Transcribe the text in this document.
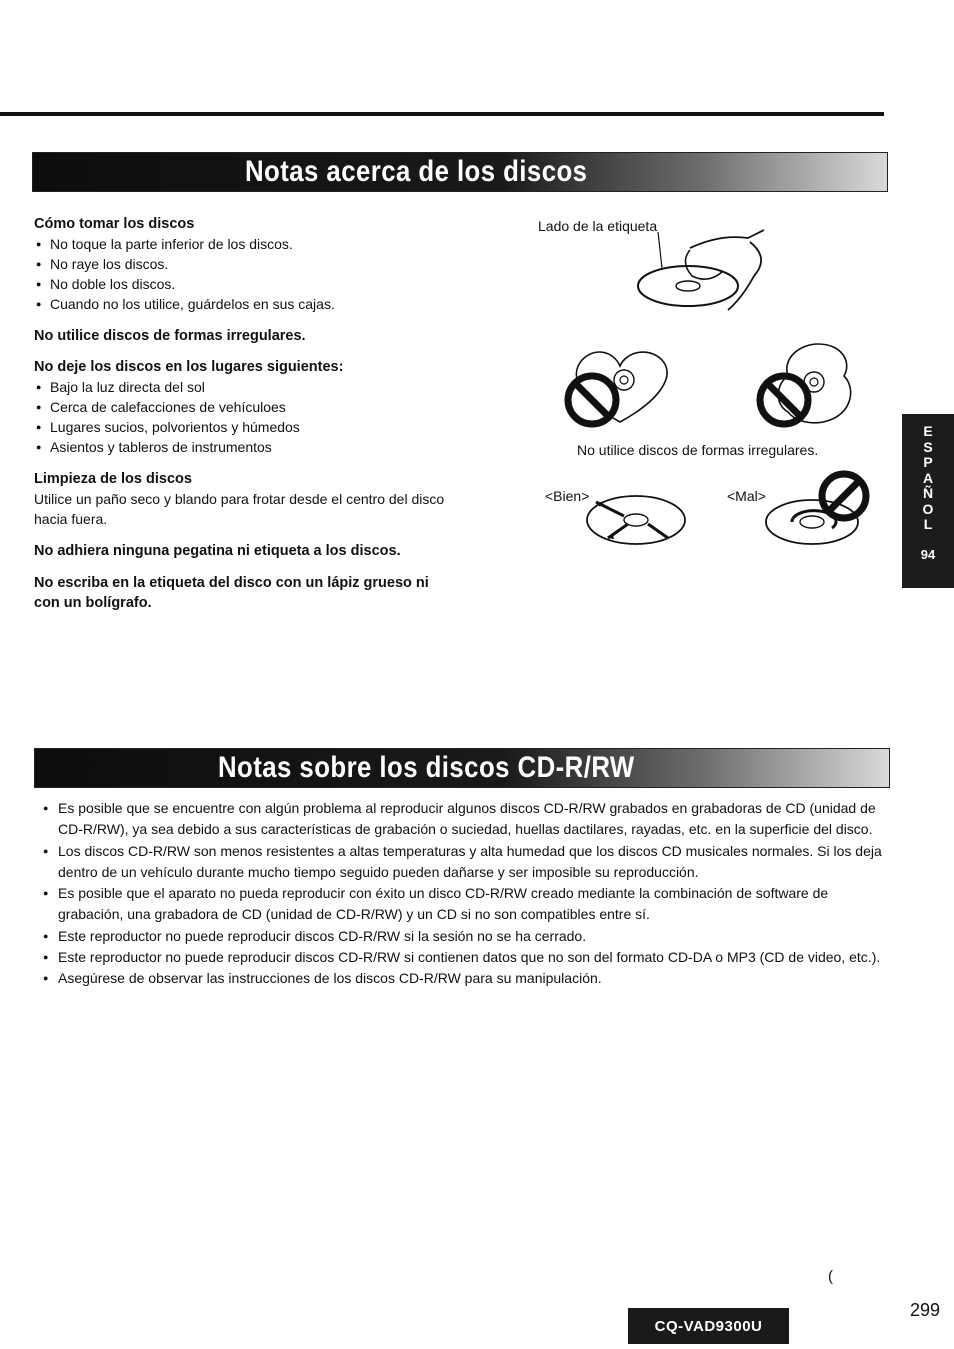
Notas acerca de los discos

Cómo tomar los discos

● No toque la parte inferior de los discos.
● No raye los discos.
● No doble los discos.
● Cuando no los utilice, guárdelos en sus cajas.

No utilice discos de formas irregulares.

No deje los discos en los lugares siguientes:

● Bajo la luz directa del sol
● Cerca de calefacciones de vehículoes
● Lugares sucios, polvorientos y húmedos
● Asientos y tableros de instrumentos

Limpieza de los discos

Utilice un paño seco y blando para frotar desde el centro del disco hacia fuera.

No adhiera ninguna pegatina ni etiqueta a los discos.

No escriba en la etiqueta del disco con un lápiz grueso ni con un bolígrafo.

Lado de la etiqueta
No utilice discos de formas irregulares.
<Bien>	<Mal>
E
S
P
A
Ñ
O
L
94
Notas sobre los discos CD-R/RW
● Es posible que se encuentre con algún problema al reproducir algunos discos CD-R/RW grabados en grabadoras de CD (unidad de CD-R/RW), ya sea debido a sus características de grabación o suciedad, huellas dactilares, rayadas, etc. en la superficie del disco.
● Los discos CD-R/RW son menos resistentes a altas temperaturas y alta humedad que los discos CD musicales normales. Si los deja dentro de un vehículo durante mucho tiempo seguido pueden dañarse y ser imposible su reproducción.
● Es posible que el aparato no pueda reproducir con éxito un disco CD-R/RW creado mediante la combinación de software de grabación, una grabadora de CD (unidad de CD-R/RW) y un CD si no son compatibles entre sí.
● Este reproductor no puede reproducir discos CD-R/RW si la sesión no se ha cerrado.
● Este reproductor no puede reproducir discos CD-R/RW si contienen datos que no son del formato CD-DA o MP3 (CD de video, etc.).
● Asegúrese de observar las instrucciones de los discos CD-R/RW para su manipulación.
(
CQ-VAD9300U
299
